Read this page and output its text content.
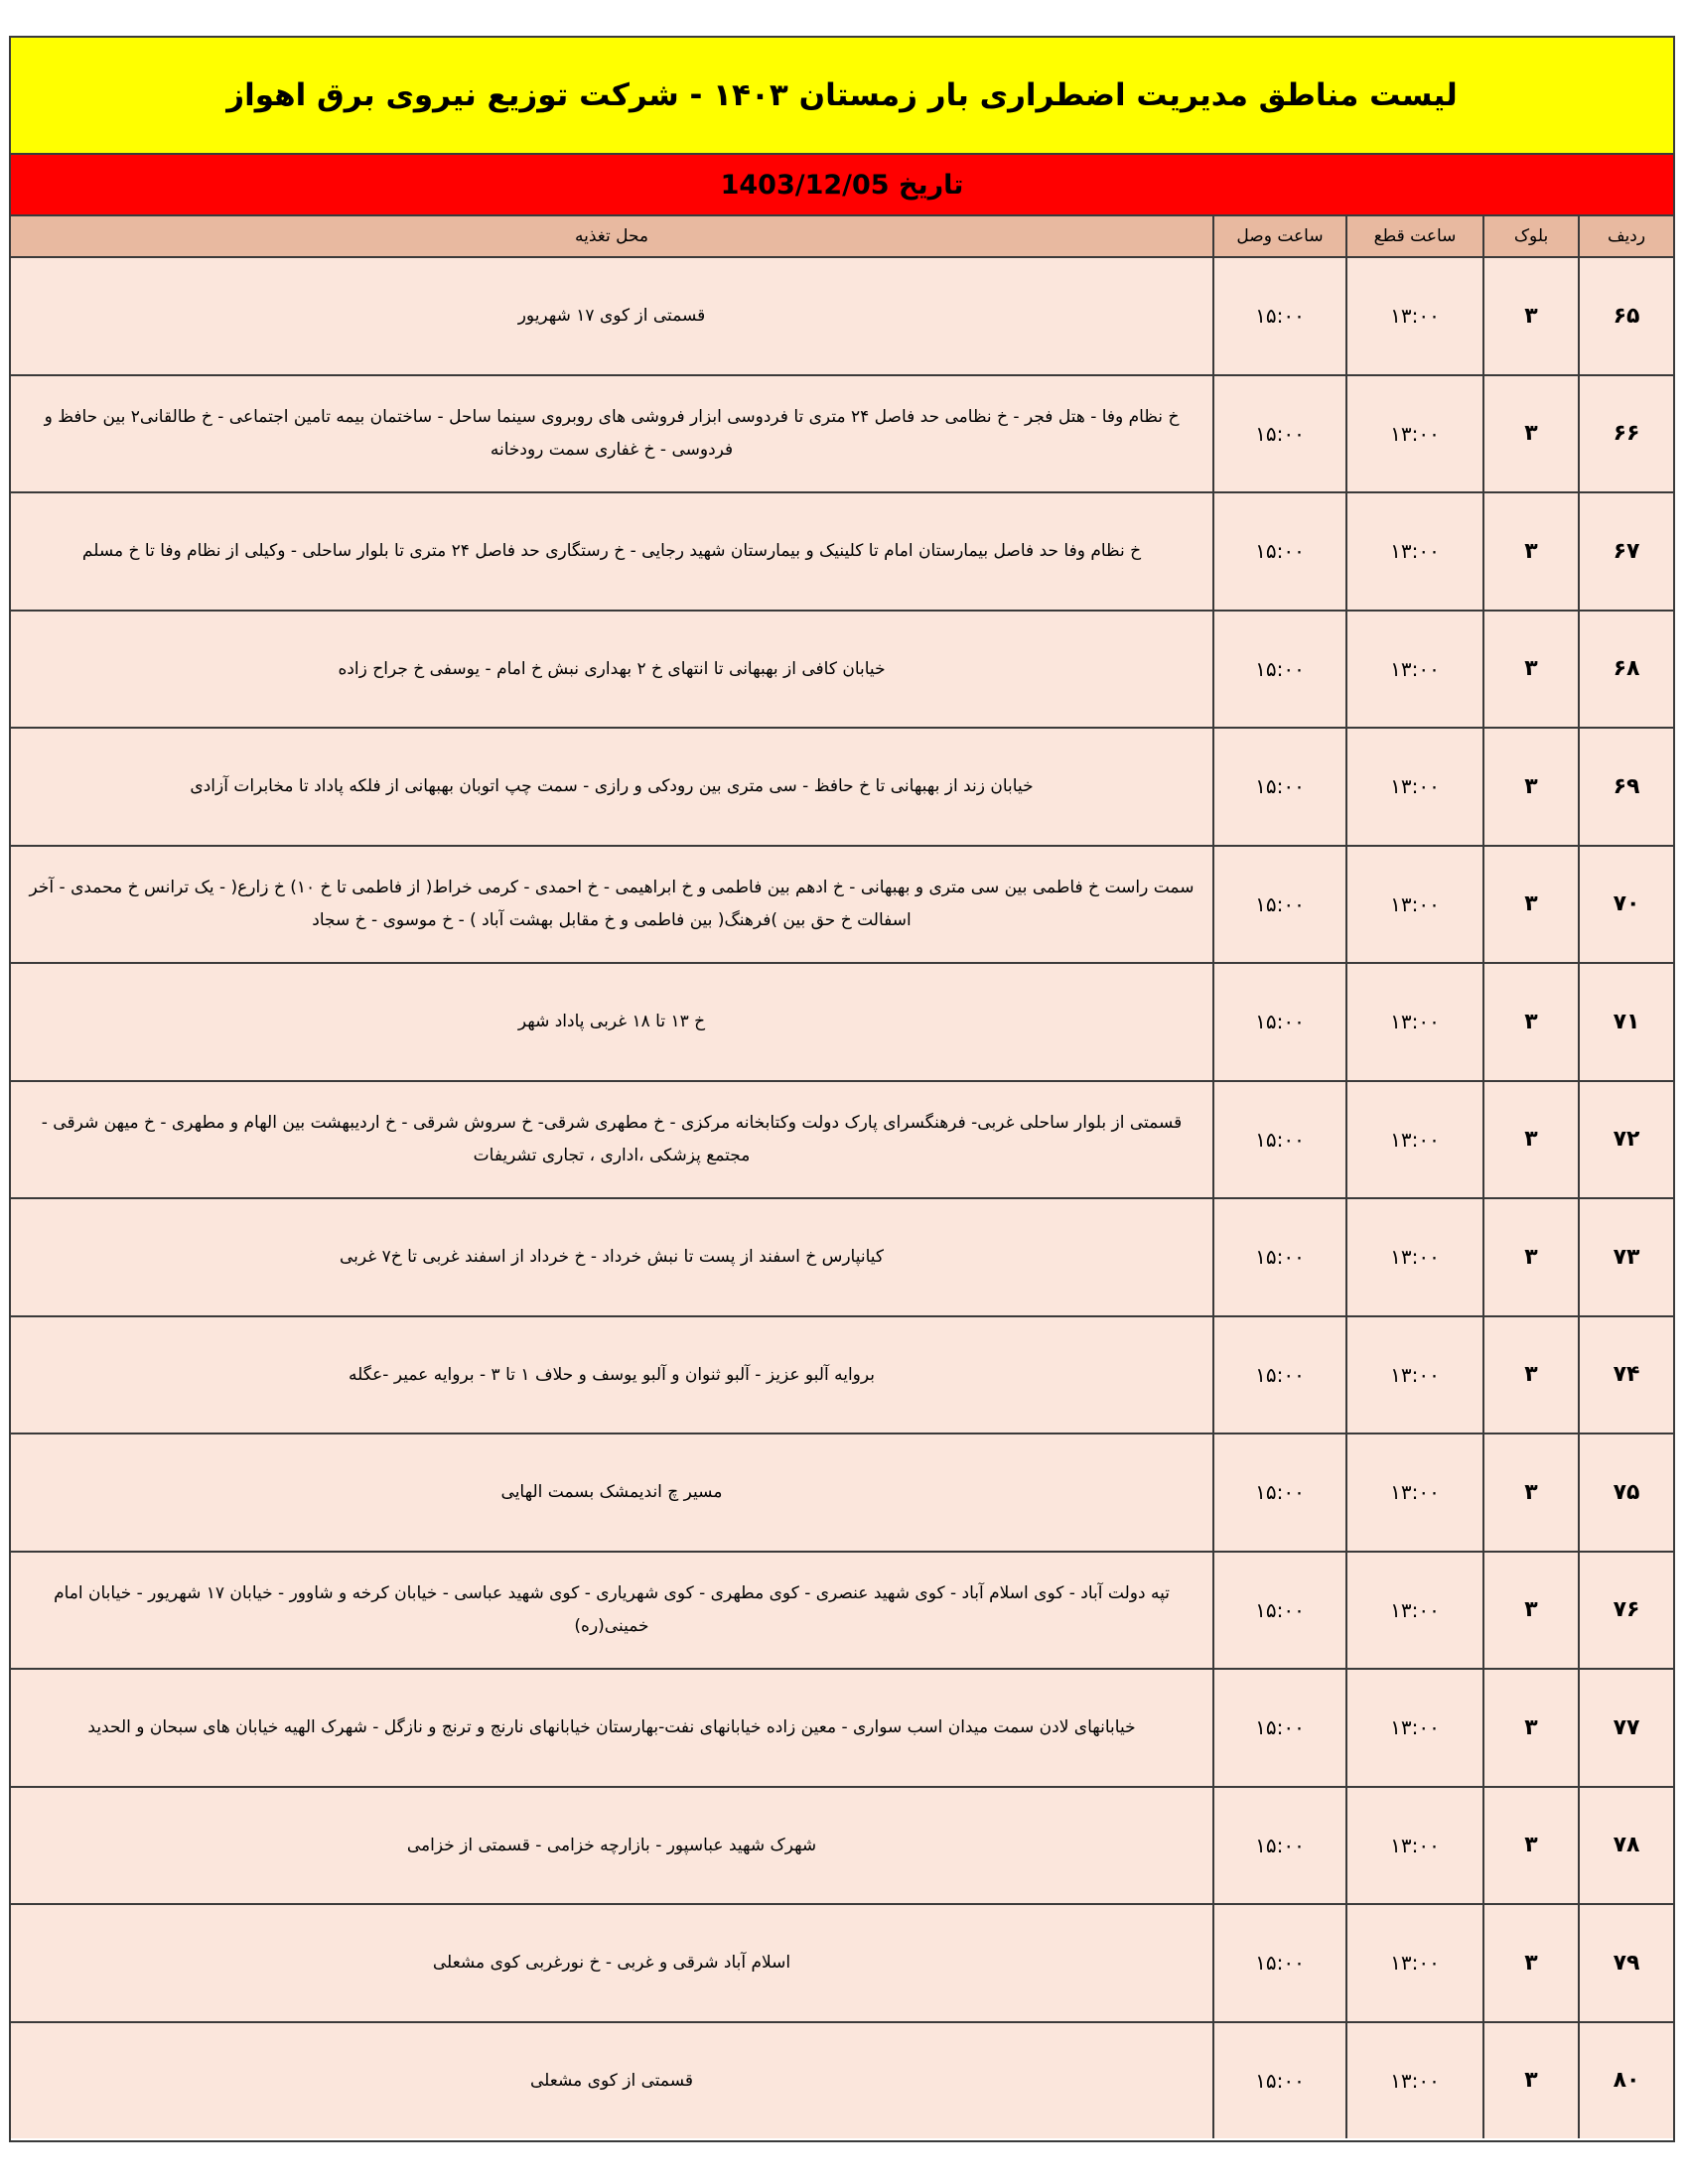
لیست مناطق مدیریت اضطراری بار زمستان ۱۴۰۳ - شرکت توزیع نیروی برق اهواز
تاریخ 1403/12/05
ردیف
بلوک
ساعت قطع
ساعت وصل
محل تغذیه
۶۵
۳
۱۳:۰۰
۱۵:۰۰
قسمتی از کوی ۱۷ شهریور
۶۶
۳
۱۳:۰۰
۱۵:۰۰
خ نظام وفا - هتل فجر - خ نظامی حد فاصل ۲۴ متری تا فردوسی ابزار فروشی های روبروی سینما ساحل - ساختمان بیمه تامین اجتماعی - خ طالقانی۲ بین حافظ و فردوسی - خ غفاری سمت رودخانه
۶۷
۳
۱۳:۰۰
۱۵:۰۰
خ نظام وفا حد فاصل بیمارستان امام تا کلینیک و بیمارستان شهید رجایی - خ رستگاری حد فاصل ۲۴ متری تا بلوار ساحلی - وکیلی از نظام وفا تا خ مسلم
۶۸
۳
۱۳:۰۰
۱۵:۰۰
خیابان کافی از بهبهانی تا انتهای خ ۲ بهداری نبش خ امام - یوسفی خ جراح زاده
۶۹
۳
۱۳:۰۰
۱۵:۰۰
خیابان زند از بهبهانی تا خ حافظ - سی متری بین رودکی و رازی - سمت چپ اتوبان بهبهانی از فلکه پاداد تا مخابرات آزادی
۷۰
۳
۱۳:۰۰
۱۵:۰۰
سمت راست خ فاطمی بین سی متری و بهبهانی - خ ادهم بین فاطمی و خ ابراهیمی - خ احمدی - کرمی خراط( از فاطمی تا خ ۱۰) خ زارع( - یک ترانس خ محمدی - آخر اسفالت خ حق بین )فرهنگ( بین فاطمی و خ مقابل بهشت آباد ) - خ موسوی - خ سجاد
۷۱
۳
۱۳:۰۰
۱۵:۰۰
خ ۱۳ تا ۱۸ غربی پاداد شهر
۷۲
۳
۱۳:۰۰
۱۵:۰۰
قسمتی از بلوار ساحلی غربی- فرهنگسرای پارک دولت وکتابخانه مرکزی - خ مطهری شرقی- خ سروش شرقی - خ اردیبهشت بین الهام و مطهری - خ میهن شرقی - مجتمع پزشکی ،اداری ، تجاری تشریفات
۷۳
۳
۱۳:۰۰
۱۵:۰۰
کیانپارس خ اسفند از پست تا نبش خرداد - خ خرداد از اسفند غربی تا خ۷ غربی
۷۴
۳
۱۳:۰۰
۱۵:۰۰
بروایه آلبو عزیز - آلبو ثنوان و آلبو یوسف و حلاف ۱ تا ۳ - بروایه عمیر -عگله
۷۵
۳
۱۳:۰۰
۱۵:۰۰
مسیر چ اندیمشک بسمت الهایی
۷۶
۳
۱۳:۰۰
۱۵:۰۰
تپه دولت آباد - کوی اسلام آباد - کوی شهید عنصری - کوی مطهری - کوی شهریاری - کوی شهید عباسی - خیابان کرخه و شاوور - خیابان ۱۷ شهریور - خیابان امام خمینی(ره)
۷۷
۳
۱۳:۰۰
۱۵:۰۰
خیابانهای لادن سمت میدان اسب سواری - معین زاده خیابانهای نفت-بهارستان خیابانهای نارنج و ترنج و نازگل - شهرک الهیه خیابان های سبحان و الحدید
۷۸
۳
۱۳:۰۰
۱۵:۰۰
شهرک شهید عباسپور - بازارچه خزامی - قسمتی از خزامی
۷۹
۳
۱۳:۰۰
۱۵:۰۰
اسلام آباد شرقی و غربی - خ نورغربی کوی مشعلی
۸۰
۳
۱۳:۰۰
۱۵:۰۰
قسمتی از کوی مشعلی
